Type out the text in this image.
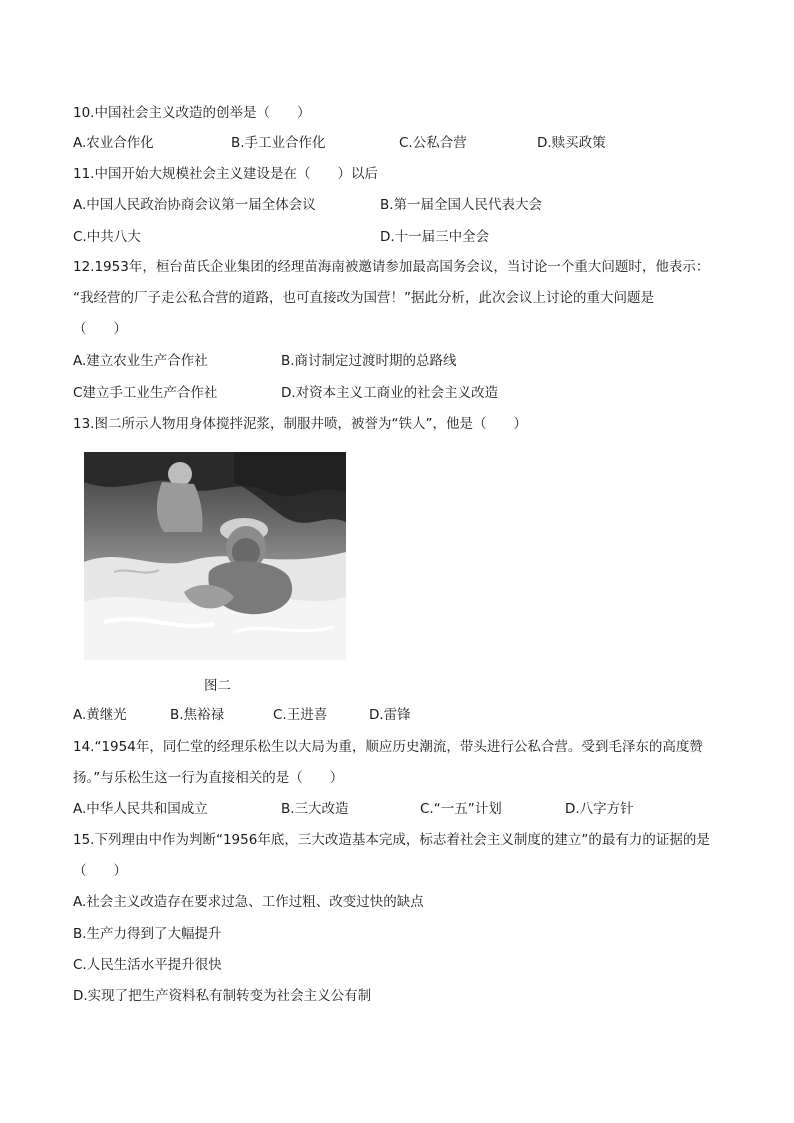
10.中国社会主义改造的创举是（　　）
A.农业合作化	B.手工业合作化	C.公私合营	D.赎买政策
11.中国开始大规模社会主义建设是在（　　）以后
A.中国人民政治协商会议第一届全体会议	B.第一届全国人民代表大会
C.中共八大	D.十一届三中全会
12.1953年，桓台苗氏企业集团的经理苗海南被邀请参加最高国务会议，当讨论一个重大问题时，他表示：
“我经营的厂子走公私合营的道路，也可直接改为国营！”据此分析，此次会议上讨论的重大问题是
（　　）
A.建立农业生产合作社	B.商讨制定过渡时期的总路线
C建立手工业生产合作社	D.对资本主义工商业的社会主义改造
13.图二所示人物用身体搅拌泥浆，制服井喷，被誉为“铁人”，他是（　　）
图二
A.黄继光	B.焦裕禄	C.王进喜	D.雷锋
14.“1954年，同仁堂的经理乐松生以大局为重，顺应历史潮流，带头进行公私合营。受到毛泽东的高度赞
扬。”与乐松生这一行为直接相关的是（　　）
A.中华人民共和国成立	B.三大改造	C.“一五”计划	D.八字方针
15.下列理由中作为判断“1956年底，三大改造基本完成，标志着社会主义制度的建立”的最有力的证据的是
（　　）
A.社会主义改造存在要求过急、工作过粗、改变过快的缺点
B.生产力得到了大幅提升
C.人民生活水平提升很快
D.实现了把生产资料私有制转变为社会主义公有制
